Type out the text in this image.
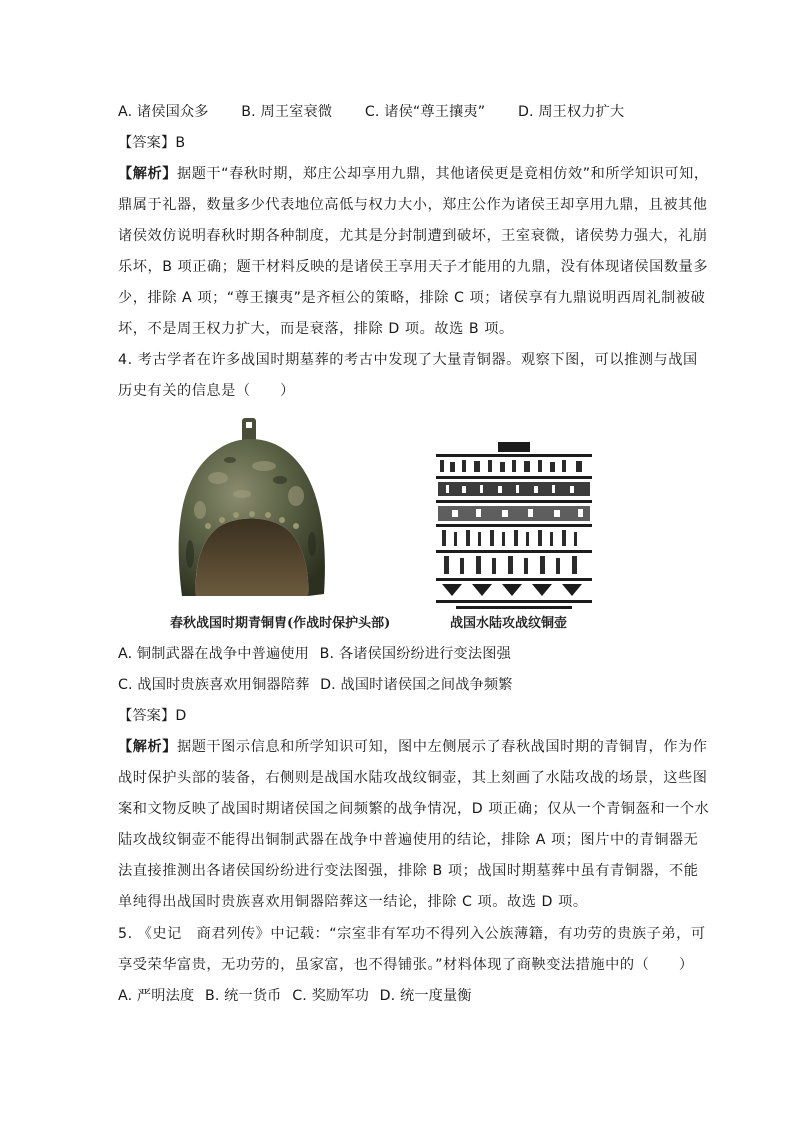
A. 诸侯国众多 B. 周王室衰微 C. 诸侯“尊王攘夷” D. 周王权力扩大
【答案】B
【解析】据题干“春秋时期，郑庄公却享用九鼎，其他诸侯更是竟相仿效”和所学知识可知，
鼎属于礼器，数量多少代表地位高低与权力大小，郑庄公作为诸侯王却享用九鼎，且被其他
诸侯效仿说明春秋时期各种制度，尤其是分封制遭到破坏，王室衰微，诸侯势力强大，礼崩
乐坏，B 项正确；题干材料反映的是诸侯王享用天子才能用的九鼎，没有体现诸侯国数量多
少，排除 A 项；“尊王攘夷”是齐桓公的策略，排除 C 项；诸侯享有九鼎说明西周礼制被破
坏，不是周王权力扩大，而是衰落，排除 D 项。故选 B 项。
4. 考古学者在许多战国时期墓葬的考古中发现了大量青铜器。观察下图，可以推测与战国
历史有关的信息是（　　）
春秋战国时期青铜胄(作战时保护头部)	战国水陆攻战纹铜壶
A. 铜制武器在战争中普遍使用 B. 各诸侯国纷纷进行变法图强
C. 战国时贵族喜欢用铜器陪葬 D. 战国时诸侯国之间战争频繁
【答案】D
【解析】据题干图示信息和所学知识可知，图中左侧展示了春秋战国时期的青铜胄，作为作
战时保护头部的装备，右侧则是战国水陆攻战纹铜壶，其上刻画了水陆攻战的场景，这些图
案和文物反映了战国时期诸侯国之间频繁的战争情况，D 项正确；仅从一个青铜盔和一个水
陆攻战纹铜壶不能得出铜制武器在战争中普遍使用的结论，排除 A 项；图片中的青铜器无
法直接推测出各诸侯国纷纷进行变法图强，排除 B 项；战国时期墓葬中虽有青铜器，不能
单纯得出战国时贵族喜欢用铜器陪葬这一结论，排除 C 项。故选 D 项。
5. 《史记　商君列传》中记载：“宗室非有军功不得列入公族薄籍，有功劳的贵族子弟，可
享受荣华富贵，无功劳的，虽家富，也不得铺张。”材料体现了商鞅变法措施中的（　　）
A. 严明法度 B. 统一货币 C. 奖励军功 D. 统一度量衡
